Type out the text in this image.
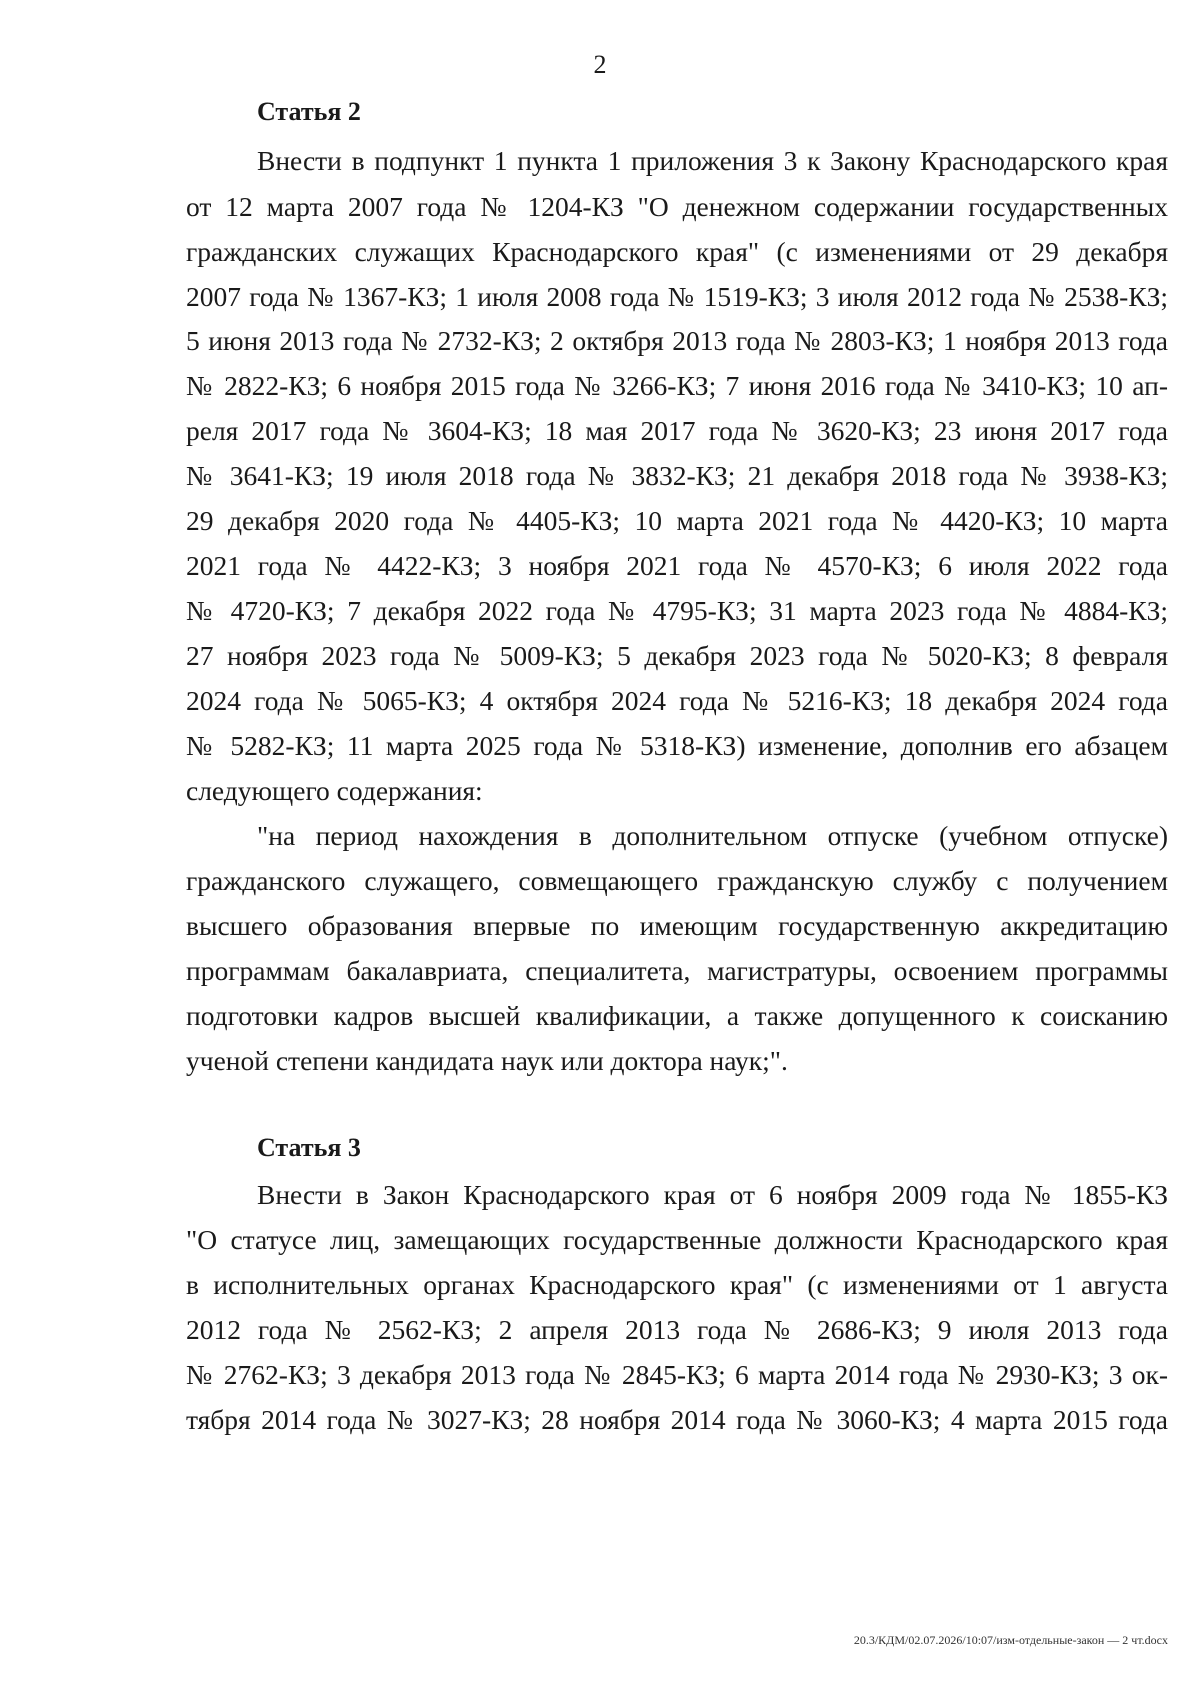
2
Статья 2
Внести в подпункт 1 пункта 1 приложения 3 к Закону Краснодарского края
от 12 марта 2007 года № 1204-КЗ "О денежном содержании государственных
гражданских служащих Краснодарского края" (с изменениями от 29 декабря
2007 года № 1367-КЗ; 1 июля 2008 года № 1519-КЗ; 3 июля 2012 года № 2538-КЗ;
5 июня 2013 года № 2732-КЗ; 2 октября 2013 года № 2803-КЗ; 1 ноября 2013 года
№ 2822-КЗ; 6 ноября 2015 года № 3266-КЗ; 7 июня 2016 года № 3410-КЗ; 10 ап-
реля 2017 года № 3604-КЗ; 18 мая 2017 года № 3620-КЗ; 23 июня 2017 года
№ 3641-КЗ; 19 июля 2018 года № 3832-КЗ; 21 декабря 2018 года № 3938-КЗ;
29 декабря 2020 года № 4405-КЗ; 10 марта 2021 года № 4420-КЗ; 10 марта
2021 года № 4422-КЗ; 3 ноября 2021 года № 4570-КЗ; 6 июля 2022 года
№ 4720-КЗ; 7 декабря 2022 года № 4795-КЗ; 31 марта 2023 года № 4884-КЗ;
27 ноября 2023 года № 5009-КЗ; 5 декабря 2023 года № 5020-КЗ; 8 февраля
2024 года № 5065-КЗ; 4 октября 2024 года № 5216-КЗ; 18 декабря 2024 года
№ 5282-КЗ; 11 марта 2025 года № 5318-КЗ) изменение, дополнив его абзацем
следующего содержания:
"на период нахождения в дополнительном отпуске (учебном отпуске)
гражданского служащего, совмещающего гражданскую службу с получением
высшего образования впервые по имеющим государственную аккредитацию
программам бакалавриата, специалитета, магистратуры, освоением программы
подготовки кадров высшей квалификации, а также допущенного к соисканию
ученой степени кандидата наук или доктора наук;".
Статья 3
Внести в Закон Краснодарского края от 6 ноября 2009 года № 1855-КЗ
"О статусе лиц, замещающих государственные должности Краснодарского края
в исполнительных органах Краснодарского края" (с изменениями от 1 августа
2012 года № 2562-КЗ; 2 апреля 2013 года № 2686-КЗ; 9 июля 2013 года
№ 2762-КЗ; 3 декабря 2013 года № 2845-КЗ; 6 марта 2014 года № 2930-КЗ; 3 ок-
тября 2014 года № 3027-КЗ; 28 ноября 2014 года № 3060-КЗ; 4 марта 2015 года
20.3/КДМ/02.07.2026/10:07/изм-отдельные-закон — 2 чт.docx
